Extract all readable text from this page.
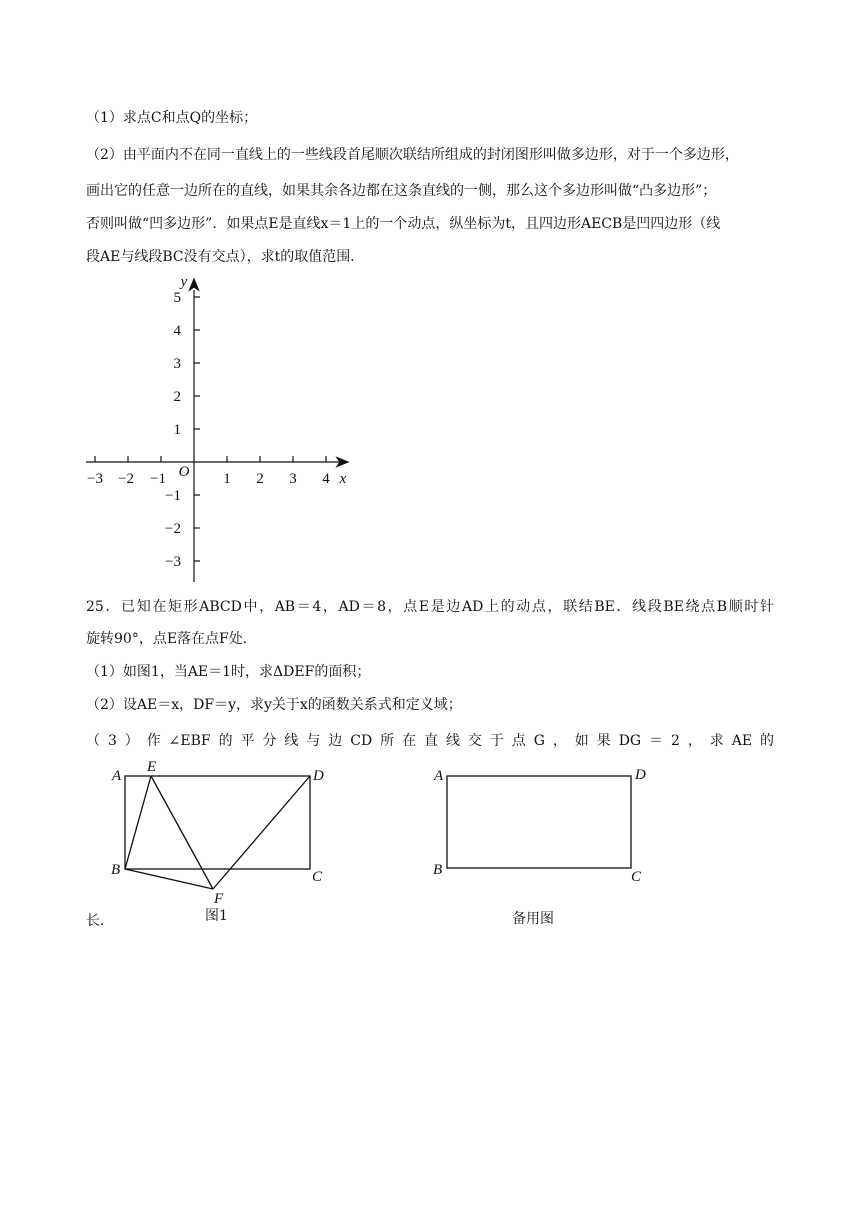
（1）求点C和点Q的坐标；
（2）由平面内不在同一直线上的一些线段首尾顺次联结所组成的封闭图形叫做多边形，对于一个多边形，
画出它的任意一边所在的直线，如果其余各边都在这条直线的一侧，那么这个多边形叫做“凸多边形”；
否则叫做“凹多边形”．如果点E是直线x＝1上的一个动点，纵坐标为t，且四边形AECB是凹四边形（线
段AE与线段BC没有交点），求t的取值范围．
y
x
O
−3 −2 −1	1 2 3 4
5
4
3
2
1
−1
−2
−3
A
E
D
B	C
F
A	D
B	C
25．已知在矩形ABCD中，AB＝4，AD＝8，点E是边AD上的动点，联结BE．线段BE绕点B顺时针
旋转90°，点E落在点F处．
（1）如图1，当AE＝1时，求ΔDEF的面积；
（2）设AE＝x，DF＝y，求y关于x的函数关系式和定义域；
（3）作∠EBF的平分线与边CD所在直线交于点G，如果DG＝2，求AE的
图1
长．	备用图
